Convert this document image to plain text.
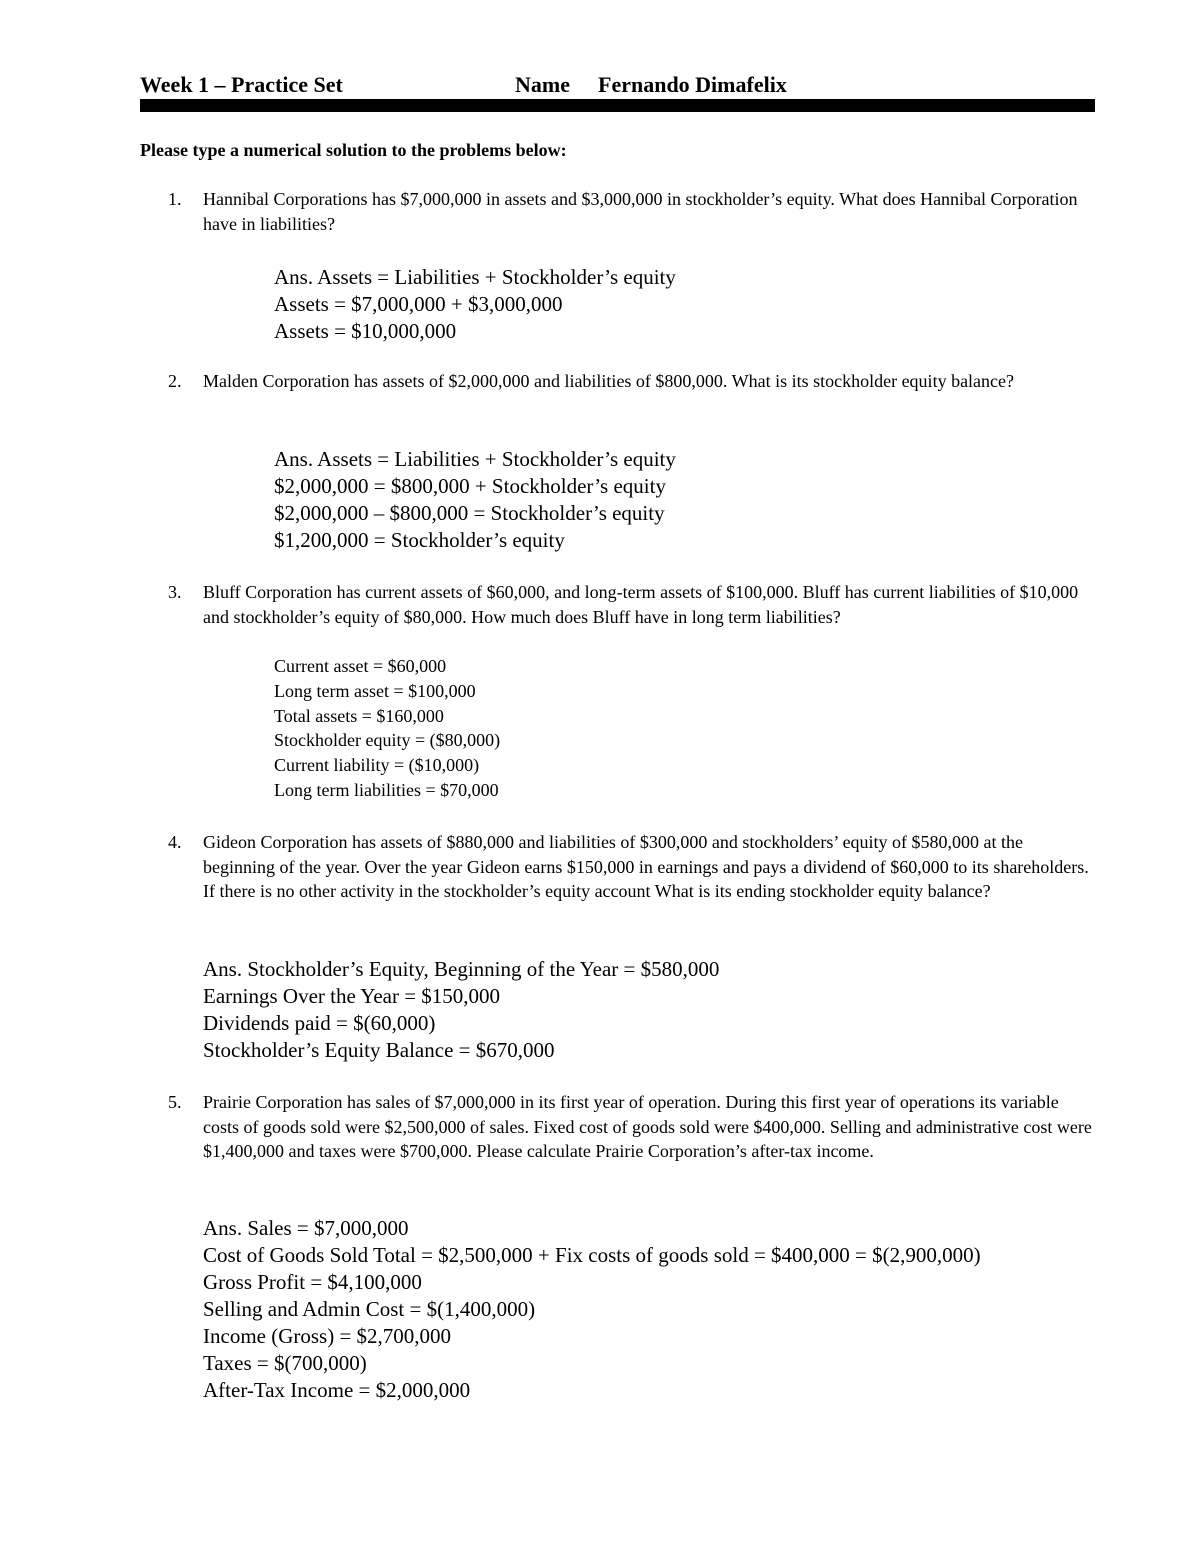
Week 1 – Practice Set	Name Fernando Dimafelix
Please type a numerical solution to the problems below:
1. Hannibal Corporations has $7,000,000 in assets and $3,000,000 in stockholder’s equity. What does Hannibal Corporation have in liabilities?
Ans. Assets = Liabilities + Stockholder’s equity
Assets = $7,000,000 + $3,000,000
Assets = $10,000,000
2. Malden Corporation has assets of $2,000,000 and liabilities of $800,000. What is its stockholder equity balance?
Ans. Assets = Liabilities + Stockholder’s equity
$2,000,000 = $800,000 + Stockholder’s equity
$2,000,000 – $800,000 = Stockholder’s equity
$1,200,000 = Stockholder’s equity
3. Bluff Corporation has current assets of $60,000, and long-term assets of $100,000. Bluff has current liabilities of $10,000 and stockholder’s equity of $80,000. How much does Bluff have in long term liabilities?
Current asset = $60,000
Long term asset = $100,000
Total assets = $160,000
Stockholder equity = ($80,000)
Current liability = ($10,000)
Long term liabilities = $70,000
4. Gideon Corporation has assets of $880,000 and liabilities of $300,000 and stockholders’ equity of $580,000 at the beginning of the year. Over the year Gideon earns $150,000 in earnings and pays a dividend of $60,000 to its shareholders. If there is no other activity in the stockholder’s equity account What is its ending stockholder equity balance?
Ans. Stockholder’s Equity, Beginning of the Year = $580,000
Earnings Over the Year = $150,000
Dividends paid = $(60,000)
Stockholder’s Equity Balance = $670,000
5. Prairie Corporation has sales of $7,000,000 in its first year of operation. During this first year of operations its variable costs of goods sold were $2,500,000 of sales. Fixed cost of goods sold were $400,000. Selling and administrative cost were $1,400,000 and taxes were $700,000. Please calculate Prairie Corporation’s after-tax income.
Ans. Sales = $7,000,000
Cost of Goods Sold Total = $2,500,000 + Fix costs of goods sold = $400,000 = $(2,900,000)
Gross Profit = $4,100,000
Selling and Admin Cost = $(1,400,000)
Income (Gross) = $2,700,000
Taxes = $(700,000)
After-Tax Income = $2,000,000
